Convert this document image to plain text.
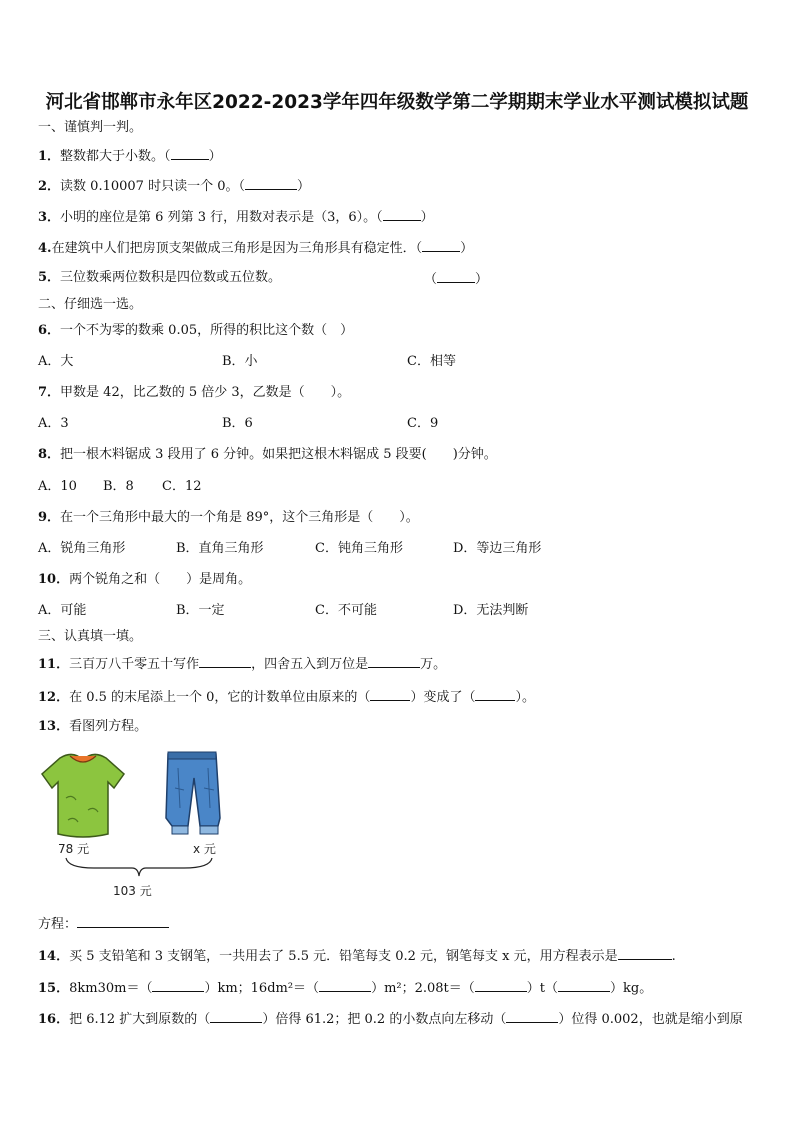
河北省邯郸市永年区2022-2023学年四年级数学第二学期期末学业水平测试模拟试题
一、谨慎判一判。
1．整数都大于小数。（	）
2．读数 0.10007 时只读一个 0。（	）
3．小明的座位是第 6 列第 3 行，用数对表示是（3，6）。（	）
4.在建筑中人们把房顶支架做成三角形是因为三角形具有稳定性．（	）
5．三位数乘两位数积是四位数或五位数。	（	）
二、仔细选一选。
6．一个不为零的数乘 0.05，所得的积比这个数（　）
A．大	B．小	C．相等
7．甲数是 42，比乙数的 5 倍少 3，乙数是（　　）。
A．3	B．6	C．9
8．把一根木料锯成 3 段用了 6 分钟。如果把这根木料锯成 5 段要(　　)分钟。
A．10 B．8 C．12
9．在一个三角形中最大的一个角是 89°，这个三角形是（　　）。
A．锐角三角形	B．直角三角形	C．钝角三角形	D．等边三角形
10．两个锐角之和（　　）是周角。
A．可能	B．一定	C．不可能	D．无法判断
三、认真填一填。
11．三百万八千零五十写作	，四舍五入到万位是	万。
12．在 0.5 的末尾添上一个 0，它的计数单位由原来的（	）变成了（	）。
13．看图列方程。
78 元	x 元
103 元
方程：
14．买 5 支铅笔和 3 支钢笔，一共用去了 5.5 元．铅笔每支 0.2 元，钢笔每支 x 元，用方程表示是	.
15．8km30m＝（	）km；16dm²＝（	）m²；2.08t＝（	）t（	）kg。
16．把 6.12 扩大到原数的（	）倍得 61.2；把 0.2 的小数点向左移动（	）位得 0.002，也就是缩小到原
